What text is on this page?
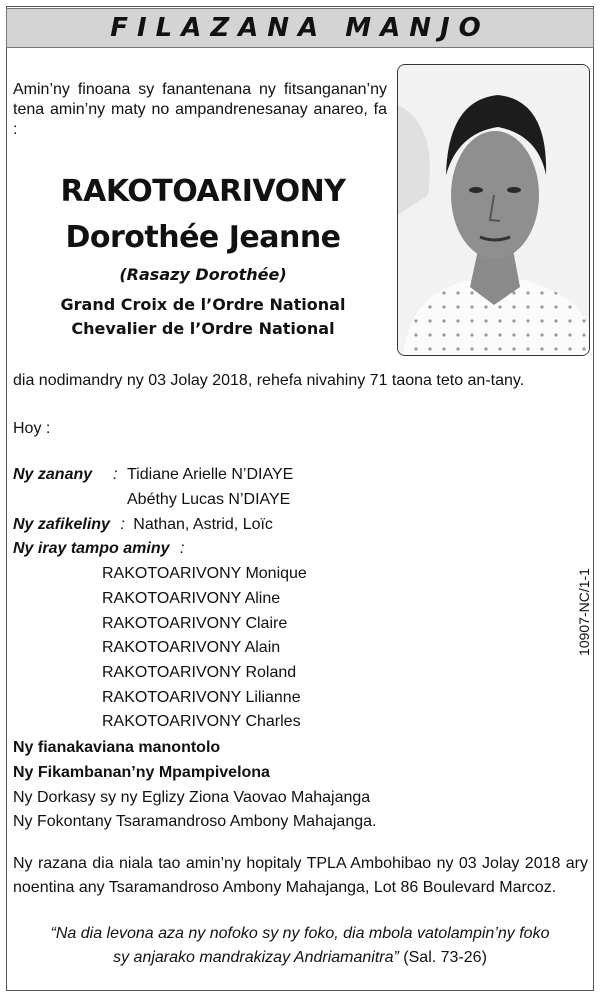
FILAZANA MANJO
Amin’ny finoana sy fanantenana ny fitsanganan’ny tena amin’ny maty no ampandrenesanay anareo, fa :
RAKOTOARIVONY
Dorothée Jeanne
(Rasazy Dorothée)
Grand Croix de l’Ordre National
Chevalier de l’Ordre National
dia nodimandry ny 03 Jolay 2018, rehefa nivahiny 71 taona teto an-tany.
Hoy :
Ny zanany : Tidiane Arielle N’DIAYE
Abéthy Lucas N’DIAYE
Ny zafikeliny : Nathan, Astrid, Loïc
Ny iray tampo aminy :
RAKOTOARIVONY Monique
RAKOTOARIVONY Aline
RAKOTOARIVONY Claire
RAKOTOARIVONY Alain
RAKOTOARIVONY Roland
RAKOTOARIVONY Lilianne
RAKOTOARIVONY Charles
Ny fianakaviana manontolo
Ny Fikambanan’ny Mpampivelona
Ny Dorkasy sy ny Eglizy Ziona Vaovao Mahajanga
Ny Fokontany Tsaramandroso Ambony Mahajanga.
Ny razana dia niala tao amin’ny hopitaly TPLA Ambohibao ny 03 Jolay 2018 ary noentina any Tsaramandroso Ambony Mahajanga, Lot 86 Boulevard Marcoz.
“Na dia levona aza ny nofoko sy ny foko, dia mbola vatolampin’ny foko
sy anjarako mandrakizay Andriamanitra” (Sal. 73-26)
10907-NC/1-1
